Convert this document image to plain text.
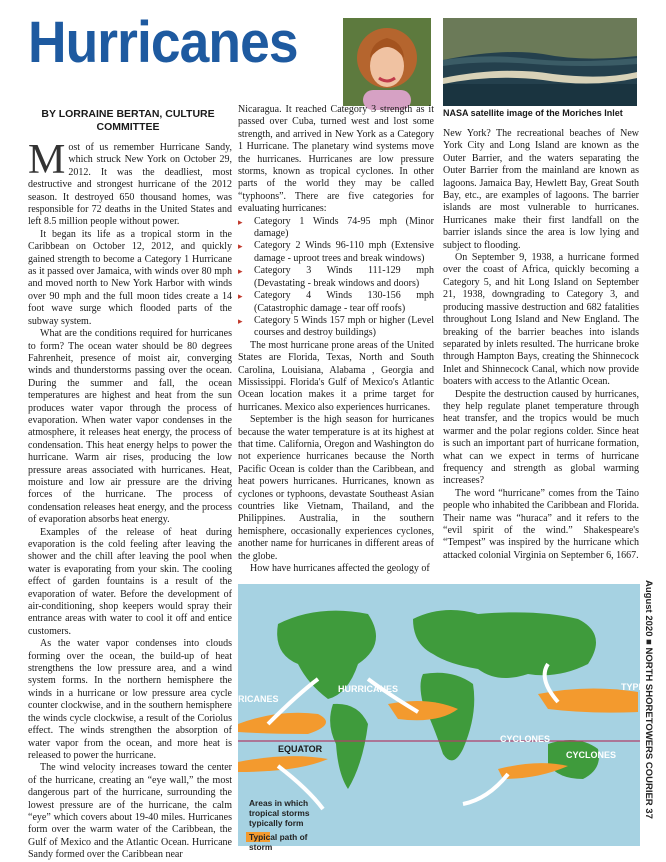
Hurricanes
NASA satellite image of the Moriches Inlet
BY LORRAINE BERTAN, CULTURE COMMITTEE

Most of us remember Hurricane Sandy, which struck New York on October 29, 2012. It was the deadliest, most destructive and strongest hurricane of the 2012 season. It destroyed 650 thousand homes, was responsible for 72 deaths in the United States and left 8.5 million people without power.

It began its life as a tropical storm in the Caribbean on October 12, 2012, and quickly gained strength to become a Category 1 Hurricane as it passed over Jamaica, with winds over 80 mph and moved north to New York Harbor with winds over 90 mph and the full moon tides create a 14 foot wave surge which flooded parts of the subway system.

What are the conditions required for hurricanes to form? The ocean water should be 80 degrees Fahrenheit, presence of moist air, converging winds and thunderstorms passing over the ocean. During the summer and fall, the ocean temperatures are highest and heat from the sun produces water vapor through the process of evaporation. When water vapor condenses in the atmosphere, it releases heat energy, the process of condensation. This heat energy helps to power the hurricane. Warm air rises, producing the low pressure areas associated with hurricanes. Heat, moisture and low air pressure are the driving forces of the hurricane. The process of condensation releases heat energy, and the process of evaporation absorbs heat energy.

Examples of the release of heat during evaporation is the cold feeling after leaving the shower and the chill after leaving the pool when water is evaporating from your skin. The cooling effect of garden fountains is a result of the evaporation of water. Before the development of air-conditioning, shop keepers would spray their entrance areas with water to cool it off and entice customers.

As the water vapor condenses into clouds forming over the ocean, the build-up of heat strengthens the low pressure area, and a wind system forms. In the northern hemisphere the winds in a hurricane or low pressure area cycle counter clockwise, and in the southern hemisphere the winds cycle clockwise, a result of the Coriolus effect. The winds strengthen the absorption of water vapor from the ocean, and more heat is released to power the hurricane.

The wind velocity increases toward the center of the hurricane, creating an “eye wall,” the most dangerous part of the hurricane, surrounding the lowest pressure are of the hurricane, the calm “eye” which covers about 19-40 miles. Hurricanes form over the warm water of the Caribbean, the Gulf of Mexico and the Atlantic Ocean. Hurricane Sandy formed over the Caribbean near

Nicaragua. It reached Category 3 strength as it passed over Cuba, turned west and lost some strength, and arrived in New York as a Category 1 Hurricane. The planetary wind systems move the hurricanes. Hurricanes are low pressure storms, known as tropical cyclones. In other parts of the world they may be called “typhoons”. There are five categories for evaluating hurricanes:

▸ Category 1 Winds 74-95 mph (Minor damage)
▸ Category 2 Winds 96-110 mph (Extensive damage - uproot trees and break windows)
▸ Category 3 Winds 111-129 mph (Devastating - break windows and doors)
▸ Category 4 Winds 130-156 mph (Catastrophic damage - tear off roofs)
▸ Category 5 Winds 157 mph or higher (Level courses and destroy buildings)

The most hurricane prone areas of the United States are Florida, Texas, North and South Carolina, Louisiana, Alabama , Georgia and Mississippi. Florida's Gulf of Mexico's Atlantic Ocean location makes it a prime target for hurricanes. Mexico also experiences hurricanes.

September is the high season for hurricanes because the water temperature is at its highest at that time. California, Oregon and Washington do not experience hurricanes because the North Pacific Ocean is colder than the Caribbean, and heat powers hurricanes. Hurricanes, known as cyclones or typhoons, devastate Southeast Asian countries like Vietnam, Thailand, and the Philippines. Australia, in the southern hemisphere, occasionally experiences cyclones, another name for hurricanes in different areas of the globe.

How have hurricanes affected the geology of

New York? The recreational beaches of New York City and Long Island are known as the Outer Barrier, and the waters separating the Outer Barrier from the mainland are known as lagoons. Jamaica Bay, Hewlett Bay, Great South Bay, etc., are examples of lagoons. The barrier islands are most vulnerable to hurricanes. Hurricanes make their first landfall on the barrier islands since the area is low lying and subject to flooding.

On September 9, 1938, a hurricane formed over the coast of Africa, quickly becoming a Category 5, and hit Long Island on September 21, 1938, downgrading to Category 3, and producing massive destruction and 682 fatalities throughout Long Island and New England. The breaking of the barrier beaches into islands separated by inlets resulted. The hurricane broke through Hampton Bays, creating the Shinnecock Inlet and Shinnecock Canal, which now provide boaters with access to the Atlantic Ocean.

Despite the destruction caused by hurricanes, they help regulate planet temperature through heat transfer, and the tropics would be much warmer and the polar regions colder. Since heat is such an important part of hurricane formation, what can we expect in terms of hurricane frequency and strength as global warming increases?

The word “hurricane” comes from the Taino people who inhabited the Caribbean and Florida. Their name was “huraca” and it refers to the “evil spirit of the wind.” Shakespeare's “Tempest” was inspired by the hurricane which attacked colonial Virginia on September 6, 1667.

RICANES
HURRICANES	TYPH
EQUATOR
CYCLONES
CYCLONES
Areas in which tropical storms typically form
Typical path of storm
August 2020 ■ NORTH SHORETOWERS COURIER 37
